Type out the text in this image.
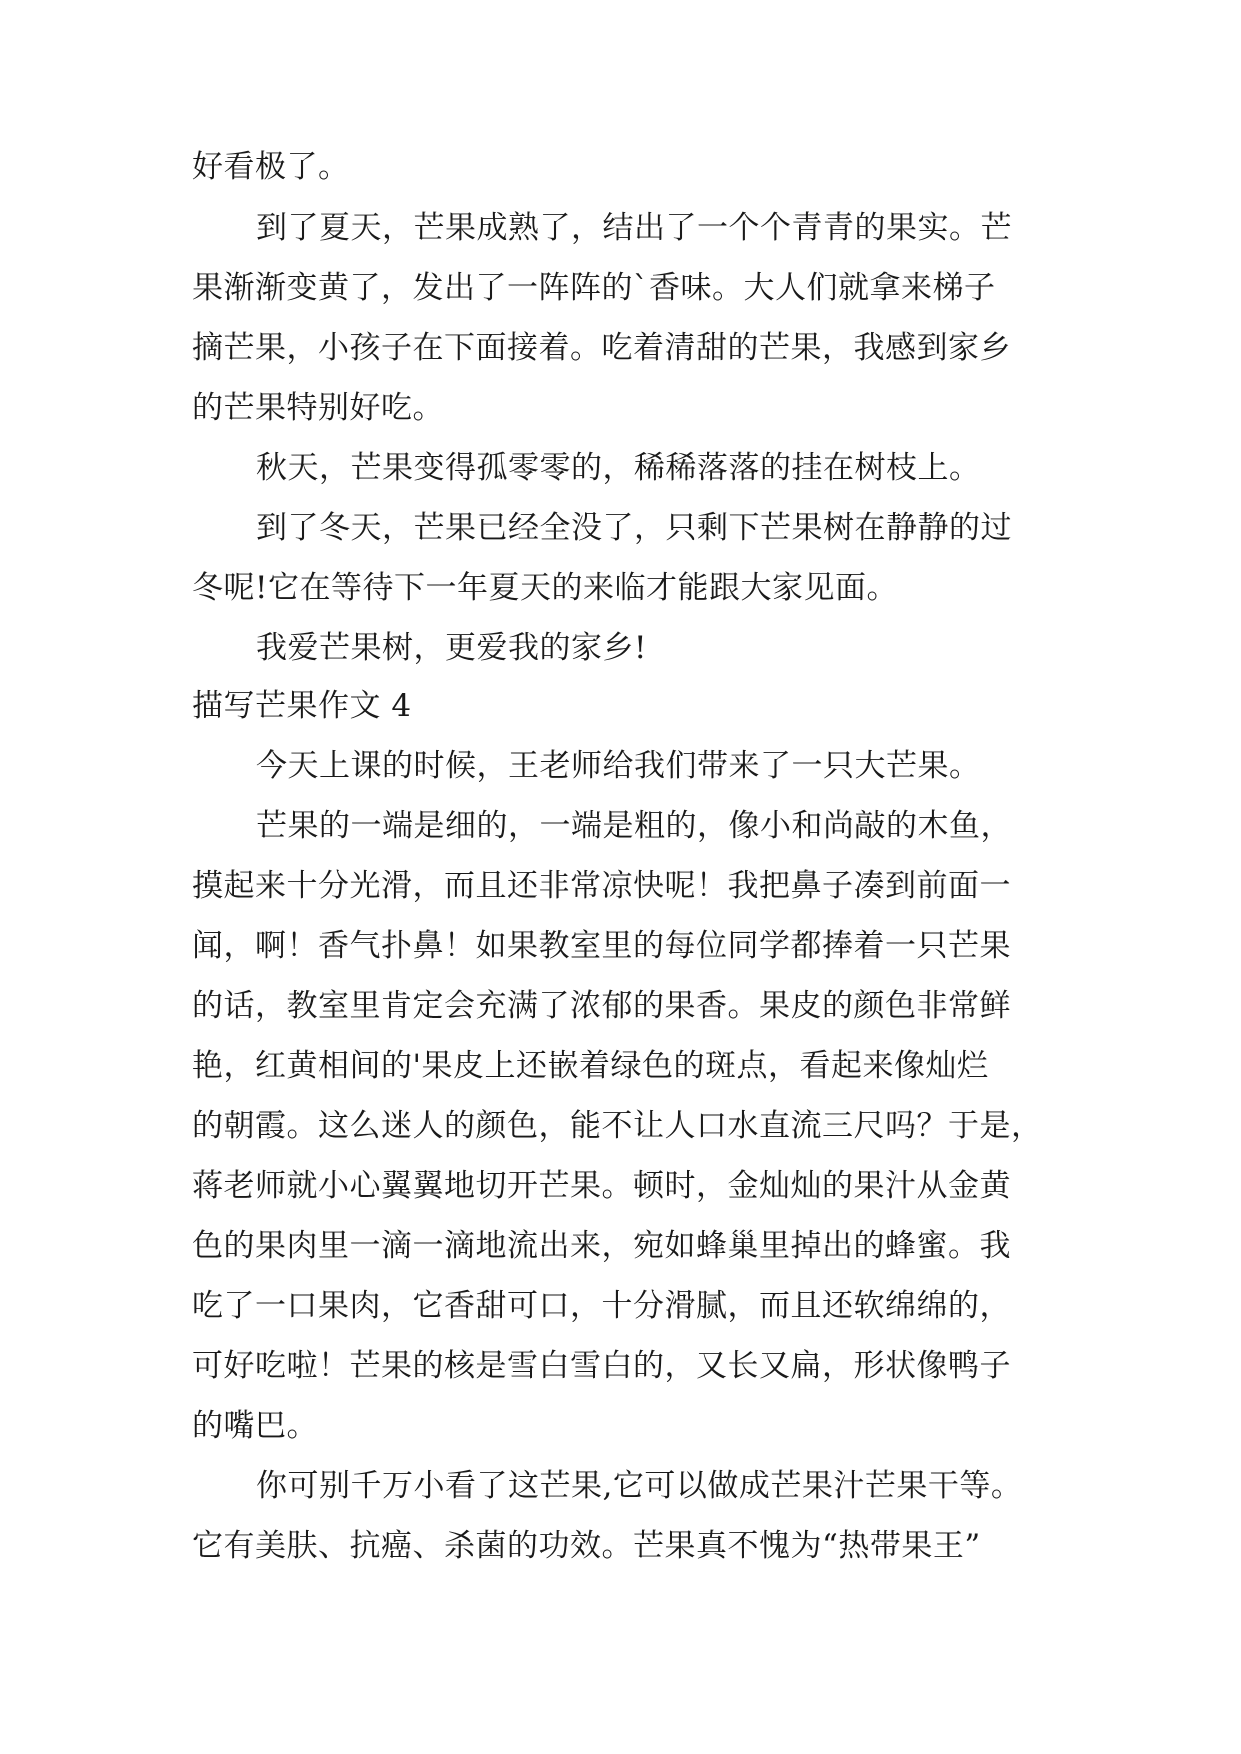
好看极了。
到了夏天，芒果成熟了，结出了一个个青青的果实。芒
果渐渐变黄了，发出了一阵阵的`香味。大人们就拿来梯子
摘芒果，小孩子在下面接着。吃着清甜的芒果，我感到家乡
的芒果特别好吃。
秋天，芒果变得孤零零的，稀稀落落的挂在树枝上。
到了冬天，芒果已经全没了，只剩下芒果树在静静的过
冬呢!它在等待下一年夏天的来临才能跟大家见面。
我爱芒果树，更爱我的家乡!
描写芒果作文 4
今天上课的时候，王老师给我们带来了一只大芒果。
芒果的一端是细的，一端是粗的，像小和尚敲的木鱼，
摸起来十分光滑，而且还非常凉快呢！我把鼻子凑到前面一
闻，啊！香气扑鼻！如果教室里的每位同学都捧着一只芒果
的话，教室里肯定会充满了浓郁的果香。果皮的颜色非常鲜
艳，红黄相间的'果皮上还嵌着绿色的斑点，看起来像灿烂
的朝霞。这么迷人的颜色，能不让人口水直流三尺吗？于是，
蒋老师就小心翼翼地切开芒果。顿时，金灿灿的果汁从金黄
色的果肉里一滴一滴地流出来，宛如蜂巢里掉出的蜂蜜。我
吃了一口果肉，它香甜可口，十分滑腻，而且还软绵绵的，
可好吃啦！芒果的核是雪白雪白的，又长又扁，形状像鸭子
的嘴巴。
你可别千万小看了这芒果,它可以做成芒果汁芒果干等。
它有美肤、抗癌、杀菌的功效。芒果真不愧为“热带果王”
